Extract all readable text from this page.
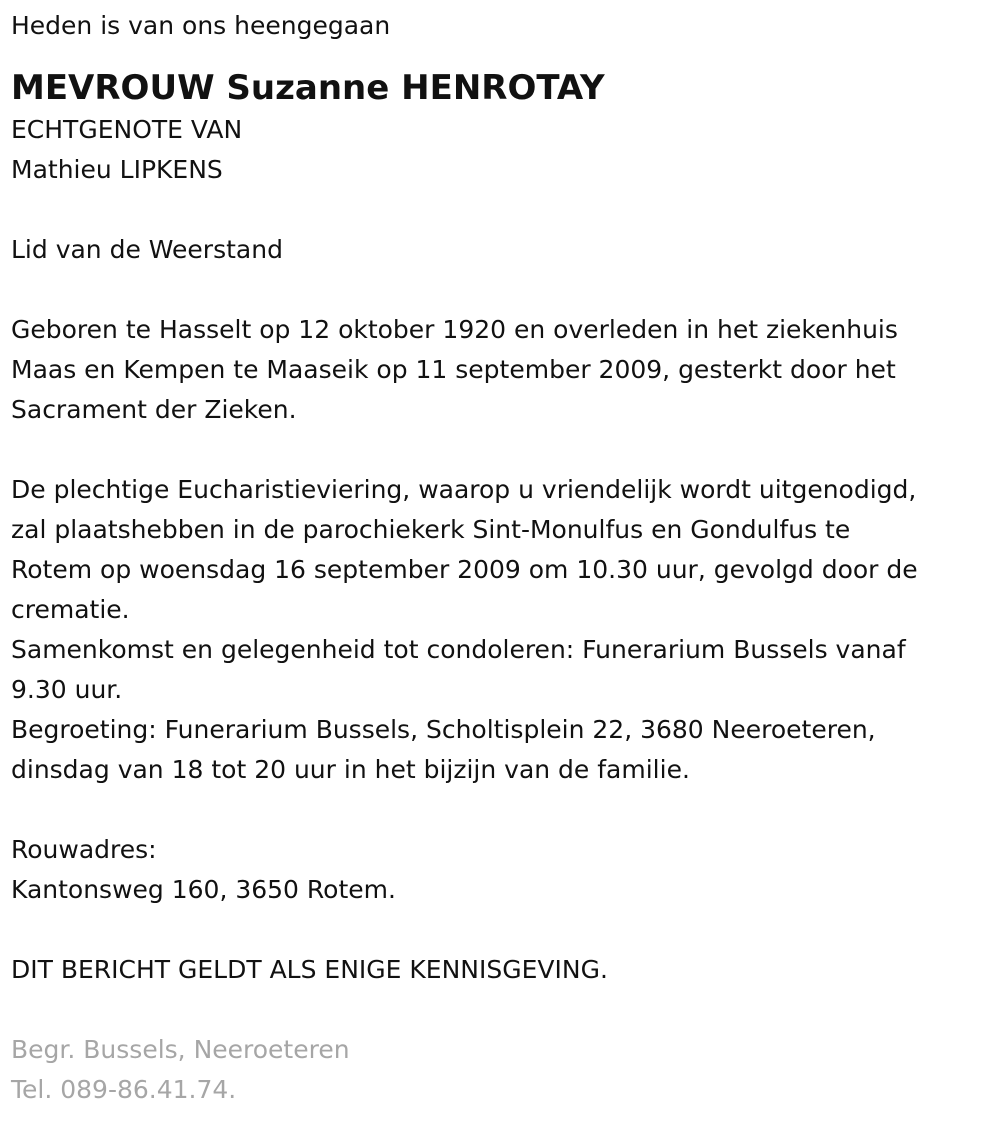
Heden is van ons heengegaan
MEVROUW Suzanne HENROTAY
ECHTGENOTE VAN
Mathieu LIPKENS
Lid van de Weerstand
Geboren te Hasselt op 12 oktober 1920 en overleden in het ziekenhuis
Maas en Kempen te Maaseik op 11 september 2009, gesterkt door het
Sacrament der Zieken.
De plechtige Eucharistieviering, waarop u vriendelijk wordt uitgenodigd,
zal plaatshebben in de parochiekerk Sint-Monulfus en Gondulfus te
Rotem op woensdag 16 september 2009 om 10.30 uur, gevolgd door de
crematie.
Samenkomst en gelegenheid tot condoleren: Funerarium Bussels vanaf
9.30 uur.
Begroeting: Funerarium Bussels, Scholtisplein 22, 3680 Neeroeteren,
dinsdag van 18 tot 20 uur in het bijzijn van de familie.
Rouwadres:
Kantonsweg 160, 3650 Rotem.
DIT BERICHT GELDT ALS ENIGE KENNISGEVING.
Begr. Bussels, Neeroeteren
Tel. 089-86.41.74.
